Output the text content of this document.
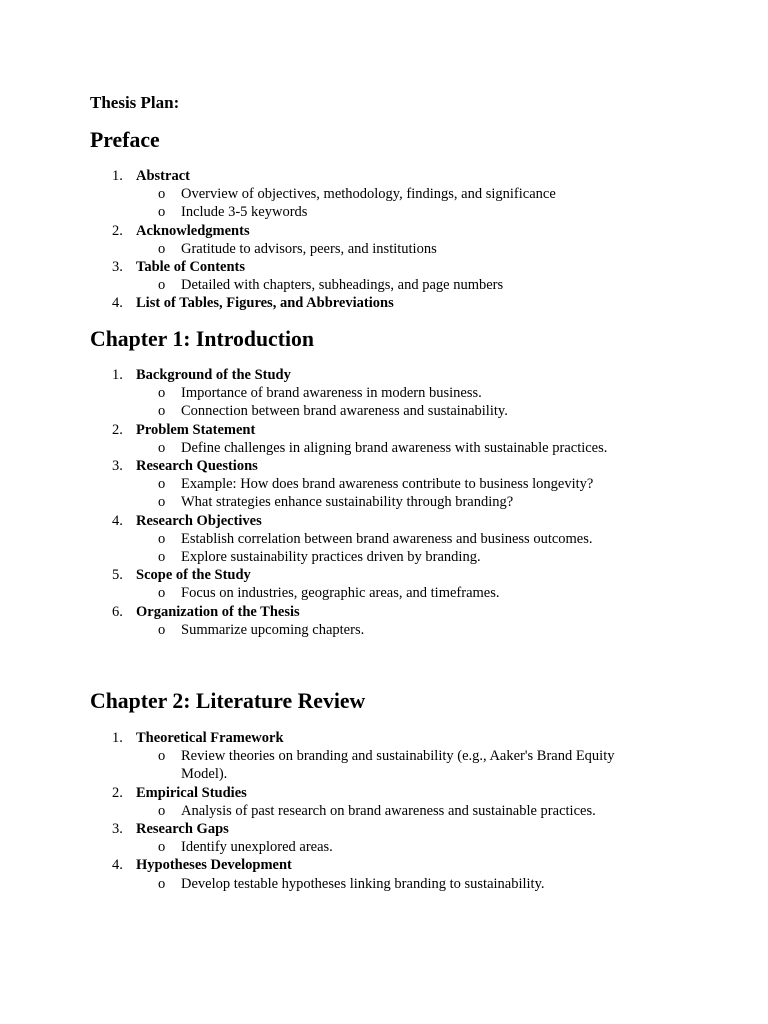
Thesis Plan:
Preface
1. Abstract
o Overview of objectives, methodology, findings, and significance
o Include 3-5 keywords
2. Acknowledgments
o Gratitude to advisors, peers, and institutions
3. Table of Contents
o Detailed with chapters, subheadings, and page numbers
4. List of Tables, Figures, and Abbreviations
Chapter 1: Introduction
1. Background of the Study
o Importance of brand awareness in modern business.
o Connection between brand awareness and sustainability.
2. Problem Statement
o Define challenges in aligning brand awareness with sustainable practices.
3. Research Questions
o Example: How does brand awareness contribute to business longevity?
o What strategies enhance sustainability through branding?
4. Research Objectives
o Establish correlation between brand awareness and business outcomes.
o Explore sustainability practices driven by branding.
5. Scope of the Study
o Focus on industries, geographic areas, and timeframes.
6. Organization of the Thesis
o Summarize upcoming chapters.
Chapter 2: Literature Review
1. Theoretical Framework
o Review theories on branding and sustainability (e.g., Aaker's Brand Equity Model).
2. Empirical Studies
o Analysis of past research on brand awareness and sustainable practices.
3. Research Gaps
o Identify unexplored areas.
4. Hypotheses Development
o Develop testable hypotheses linking branding to sustainability.
